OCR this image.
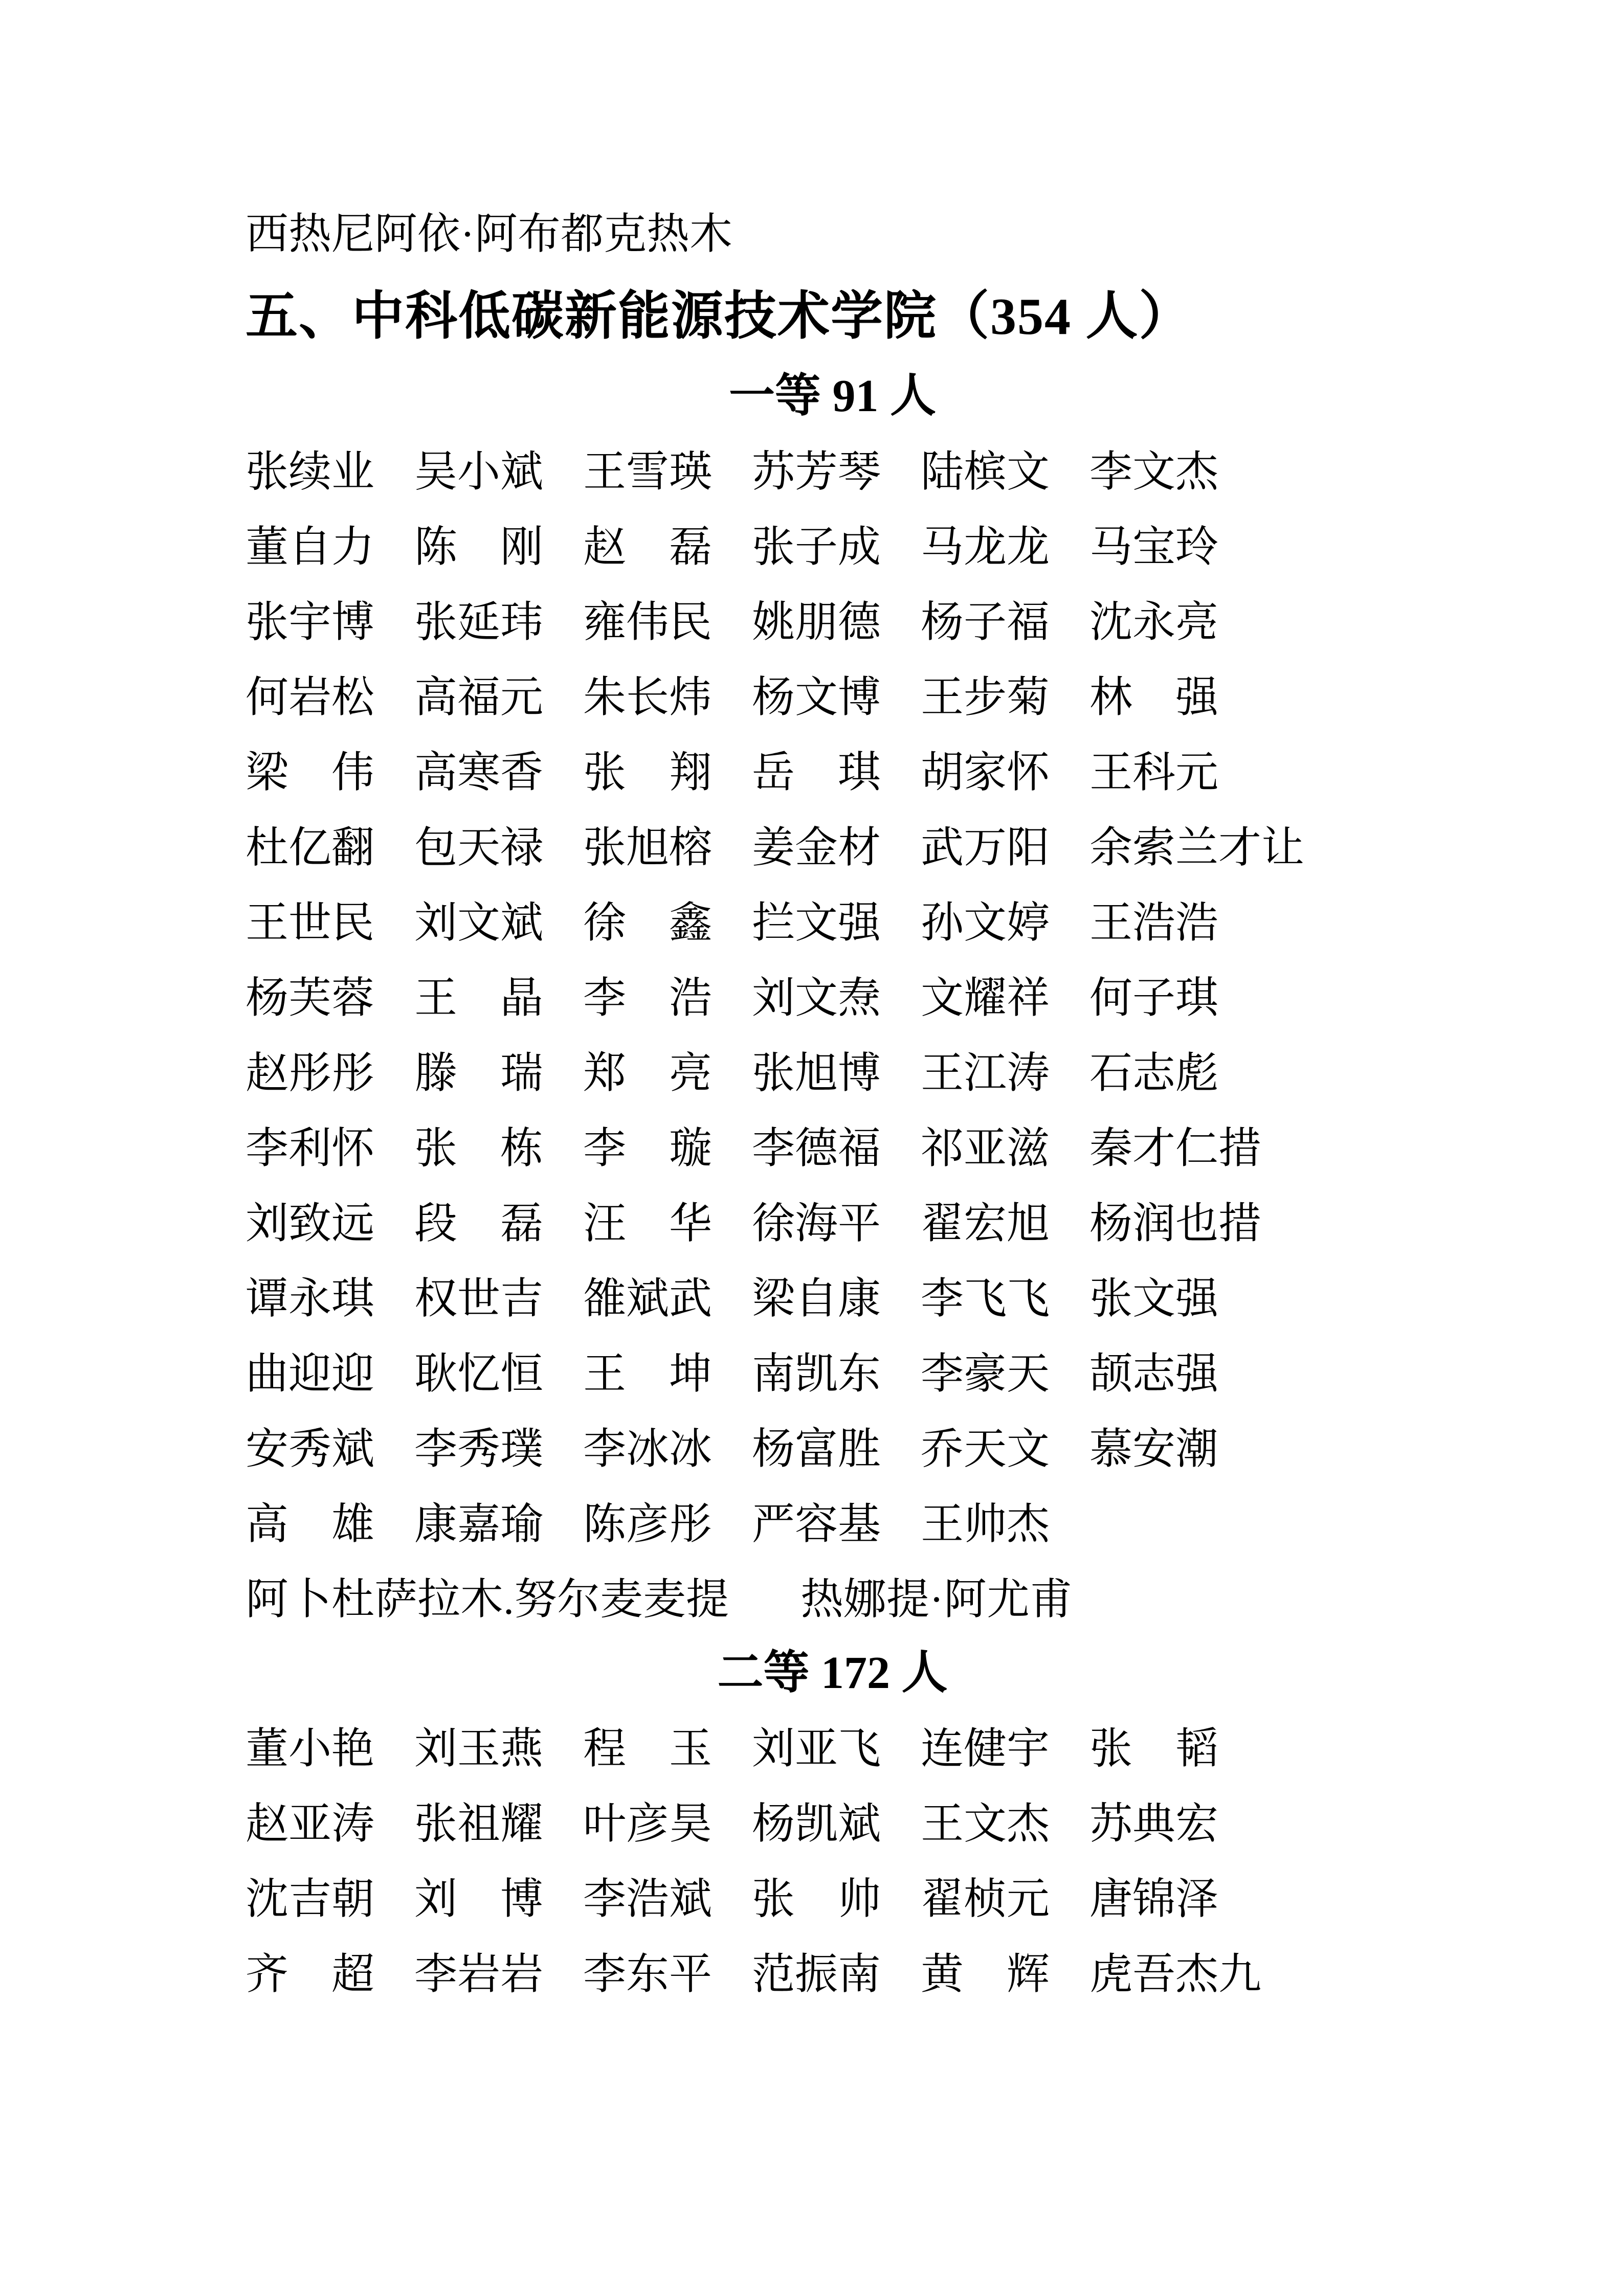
西热尼阿依·阿布都克热木

五、中科低碳新能源技术学院（354 人）
一等 91 人
张续业 吴小斌 王雪瑛 苏芳琴 陆槟文 李文杰
董自力 陈　刚 赵　磊 张子成 马龙龙 马宝玲
张宇博 张延玮 雍伟民 姚朋德 杨子福 沈永亮
何岩松 高福元 朱长炜 杨文博 王步菊 林　强
梁　伟 高寒香 张　翔 岳　琪 胡家怀 王科元
杜亿翻 包天禄 张旭榕 姜金材 武万阳 余索兰才让
王世民 刘文斌 徐　鑫 拦文强 孙文婷 王浩浩
杨芙蓉 王　晶 李　浩 刘文焘 文耀祥 何子琪
赵彤彤 滕　瑞 郑　亮 张旭博 王江涛 石志彪
李利怀 张　栋 李　璇 李德福 祁亚滋 秦才仁措
刘致远 段　磊 汪　华 徐海平 翟宏旭 杨润也措
谭永琪 权世吉 雒斌武 梁自康 李飞飞 张文强
曲迎迎 耿忆恒 王　坤 南凯东 李豪天 颉志强
安秀斌 李秀璞 李冰冰 杨富胜 乔天文 慕安潮
高　雄 康嘉瑜 陈彦彤 严容基 王帅杰
阿卜杜萨拉木.努尔麦麦提 热娜提·阿尤甫
二等 172 人
董小艳 刘玉燕 程　玉 刘亚飞 连健宇 张　韬
赵亚涛 张祖耀 叶彦昊 杨凯斌 王文杰 苏典宏
沈吉朝 刘　博 李浩斌 张　帅 翟桢元 唐锦泽
齐　超 李岩岩 李东平 范振南 黄　辉 虎吾杰九
